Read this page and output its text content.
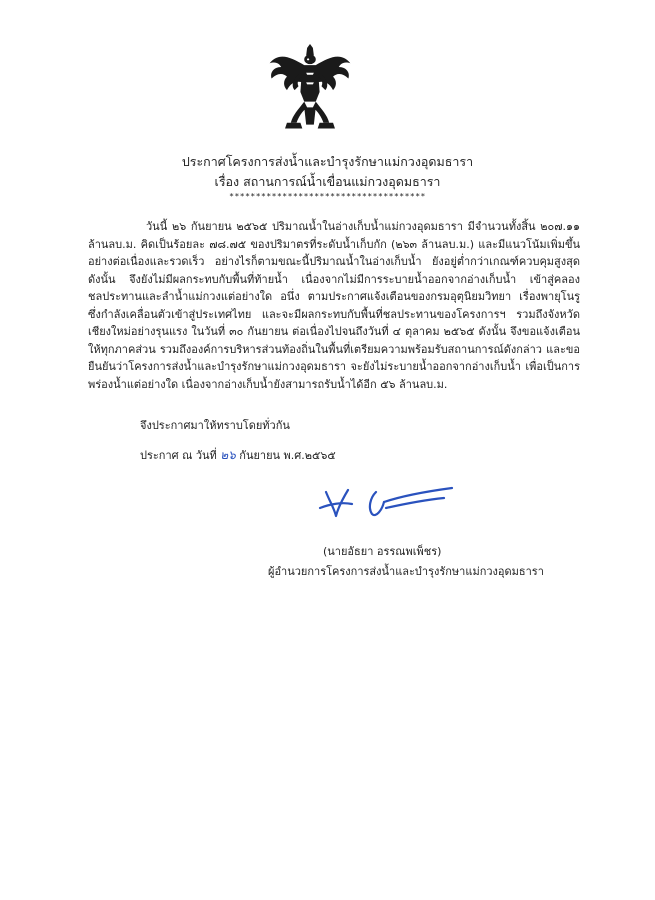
ประกาศโครงการส่งน้ำและบำรุงรักษาแม่กวงอุดมธารา
เรื่อง สถานการณ์น้ำเขื่อนแม่กวงอุดมธารา
*************************************

วันนี้ ๒๖ กันยายน ๒๕๖๕ ปริมาณน้ำในอ่างเก็บน้ำแม่กวงอุดมธารา มีจำนวนทั้งสิ้น ๒๐๗.๑๑ ล้านลบ.ม. คิดเป็นร้อยละ ๗๘.๗๕ ของปริมาตรที่ระดับน้ำเก็บกัก (๒๖๓ ล้านลบ.ม.) และมีแนวโน้มเพิ่มขึ้นอย่างต่อเนื่องและรวดเร็ว อย่างไรก็ตามขณะนี้ปริมาณน้ำในอ่างเก็บน้ำ ยังอยู่ต่ำกว่าเกณฑ์ควบคุมสูงสุด ดังนั้น จึงยังไม่มีผลกระทบกับพื้นที่ท้ายน้ำ เนื่องจากไม่มีการระบายน้ำออกจากอ่างเก็บน้ำ เข้าสู่คลองชลประทานและลำน้ำแม่กวงแต่อย่างใด อนึ่ง ตามประกาศแจ้งเตือนของกรมอุตุนิยมวิทยา เรื่องพายุโนรู ซึ่งกำลังเคลื่อนตัวเข้าสู่ประเทศไทย และจะมีผลกระทบกับพื้นที่ชลประทานของโครงการฯ รวมถึงจังหวัดเชียงใหม่อย่างรุนแรง ในวันที่ ๓๐ กันยายน ต่อเนื่องไปจนถึงวันที่ ๔ ตุลาคม ๒๕๖๕ ดังนั้น จึงขอแจ้งเตือนให้ทุกภาคส่วน รวมถึงองค์การบริหารส่วนท้องถิ่นในพื้นที่เตรียมความพร้อมรับสถานการณ์ดังกล่าว และขอยืนยันว่าโครงการส่งน้ำและบำรุงรักษาแม่กวงอุดมธารา จะยังไม่ระบายน้ำออกจากอ่างเก็บน้ำ เพื่อเป็นการพร่องน้ำแต่อย่างใด เนื่องจากอ่างเก็บน้ำยังสามารถรับน้ำได้อีก ๕๖ ล้านลบ.ม.

จึงประกาศมาให้ทราบโดยทั่วกัน
ประกาศ ณ วันที่ ๒๖ กันยายน พ.ศ.๒๕๖๕
(นายอัธยา อรรณพเพ็ชร)
ผู้อำนวยการโครงการส่งน้ำและบำรุงรักษาแม่กวงอุดมธารา
